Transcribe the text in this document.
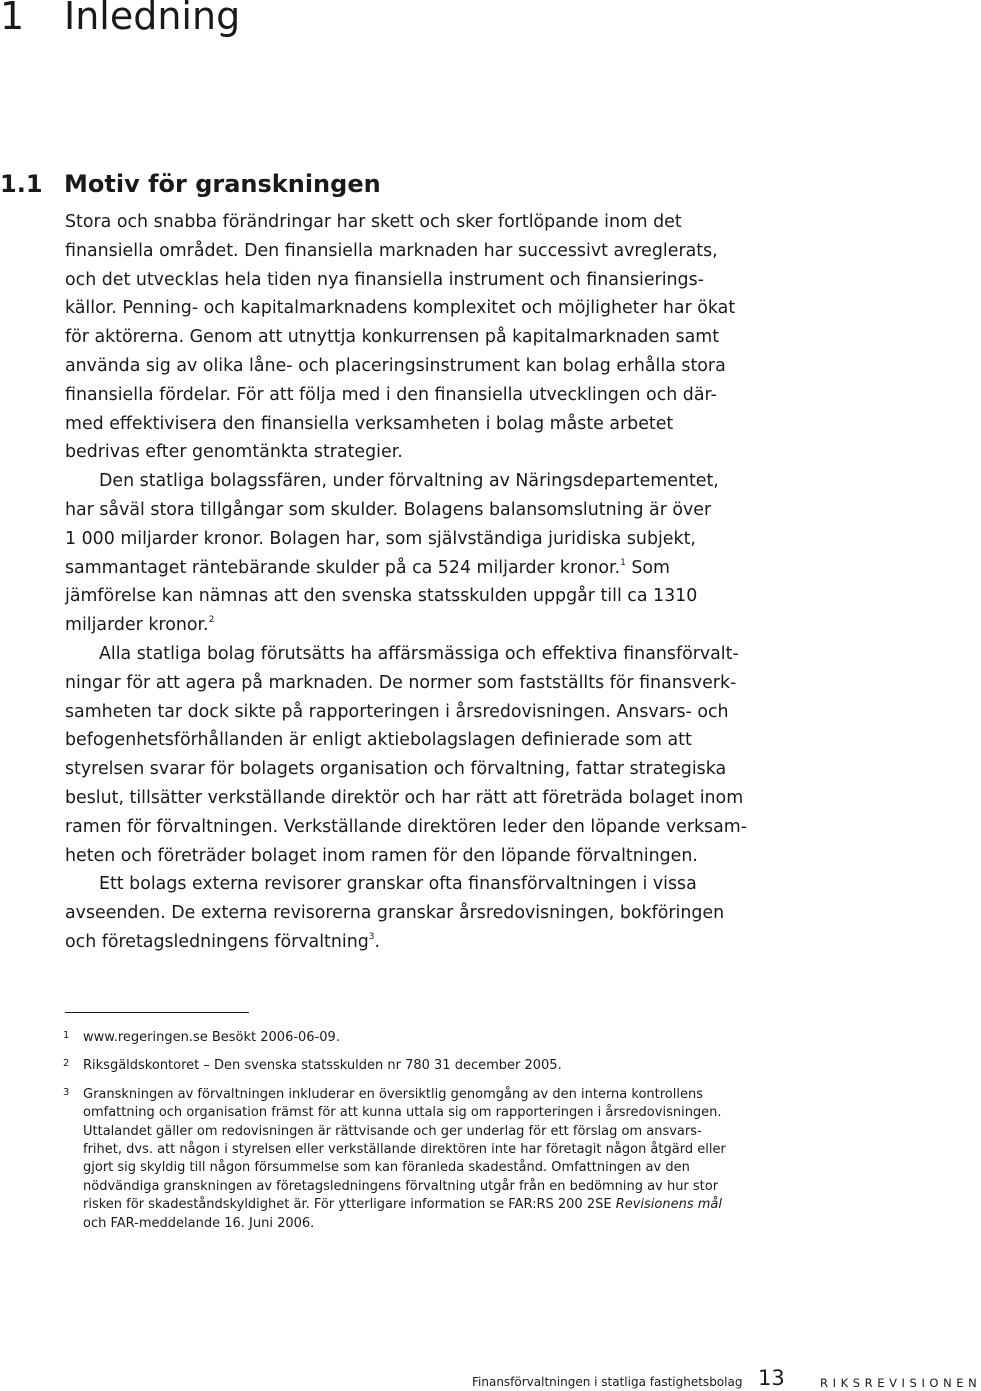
1 Inledning
1.1 Motiv för granskningen
Stora och snabba förändringar har skett och sker fortlöpande inom det
finansiella området. Den finansiella marknaden har successivt avreglerats,
och det utvecklas hela tiden nya finansiella instrument och finansierings-
källor. Penning- och kapitalmarknadens komplexitet och möjligheter har ökat
för aktörerna. Genom att utnyttja konkurrensen på kapitalmarknaden samt
använda sig av olika låne- och placeringsinstrument kan bolag erhålla stora
finansiella fördelar. För att följa med i den finansiella utvecklingen och där-
med effektivisera den finansiella verksamheten i bolag måste arbetet
bedrivas efter genomtänkta strategier.
Den statliga bolagssfären, under förvaltning av Näringsdepartementet,
har såväl stora tillgångar som skulder. Bolagens balansomslutning är över
1 000 miljarder kronor. Bolagen har, som självständiga juridiska subjekt,
sammantaget räntebärande skulder på ca 524 miljarder kronor.$^1$ Som
jämförelse kan nämnas att den svenska statsskulden uppgår till ca 1310
miljarder kronor.$^2$
Alla statliga bolag förutsätts ha affärsmässiga och effektiva finansförvalt-
ningar för att agera på marknaden. De normer som fastställts för finansverk-
samheten tar dock sikte på rapporteringen i årsredovisningen. Ansvars- och
befogenhetsförhållanden är enligt aktiebolagslagen definierade som att
styrelsen svarar för bolagets organisation och förvaltning, fattar strategiska
beslut, tillsätter verkställande direktör och har rätt att företräda bolaget inom
ramen för förvaltningen. Verkställande direktören leder den löpande verksam-
heten och företräder bolaget inom ramen för den löpande förvaltningen.
Ett bolags externa revisorer granskar ofta finansförvaltningen i vissa
avseenden. De externa revisorerna granskar årsredovisningen, bokföringen
och företagsledningens förvaltning$^3$.
1 www.regeringen.se Besökt 2006-06-09.
2 Riksgäldskontoret – Den svenska statsskulden nr 780 31 december 2005.
3 Granskningen av förvaltningen inkluderar en översiktlig genomgång av den interna kontrollens
omfattning och organisation främst för att kunna uttala sig om rapporteringen i årsredovisningen.
Uttalandet gäller om redovisningen är rättvisande och ger underlag för ett förslag om ansvars-
frihet, dvs. att någon i styrelsen eller verkställande direktören inte har företagit någon åtgärd eller
gjort sig skyldig till någon försummelse som kan föranleda skadestånd. Omfattningen av den
nödvändiga granskningen av företagsledningens förvaltning utgår från en bedömning av hur stor
risken för skadeståndskyldighet är. För ytterligare information se FAR:RS 200 2SE Revisionens mål
och FAR-meddelande 16. Juni 2006.
Finansförvaltningen i statliga fastighetsbolag 13	RIKSREVISIONEN
